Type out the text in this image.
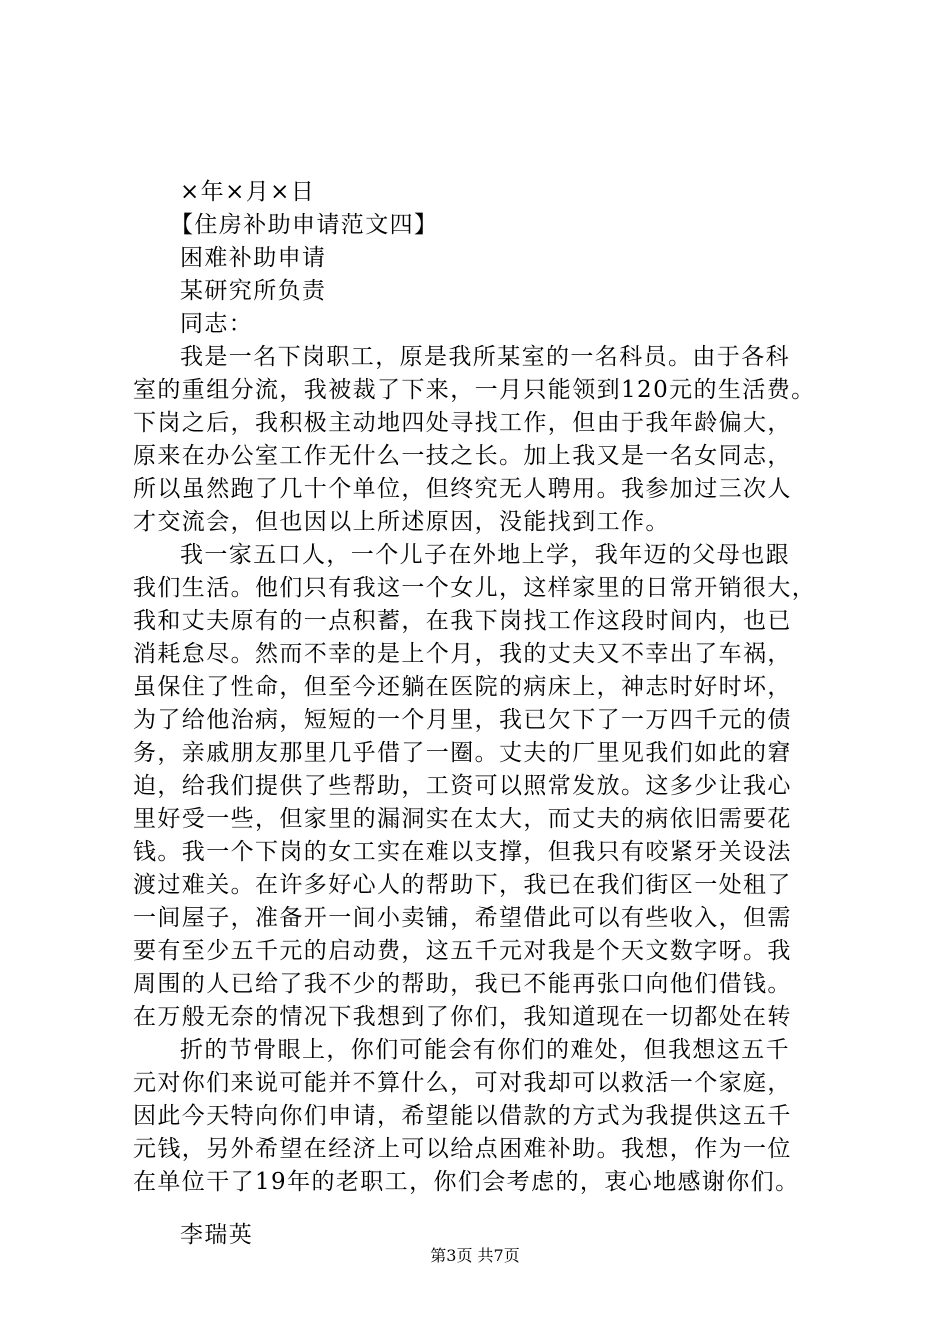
×年×月×日
【住房补助申请范文四】
困难补助申请
某研究所负责
同志：
我是一名下岗职工，原是我所某室的一名科员。由于各科
室的重组分流，我被裁了下来，一月只能领到120元的生活费。
下岗之后，我积极主动地四处寻找工作，但由于我年龄偏大，
原来在办公室工作无什么一技之长。加上我又是一名女同志，
所以虽然跑了几十个单位，但终究无人聘用。我参加过三次人
才交流会，但也因以上所述原因，没能找到工作。
我一家五口人，一个儿子在外地上学，我年迈的父母也跟
我们生活。他们只有我这一个女儿，这样家里的日常开销很大，
我和丈夫原有的一点积蓄，在我下岗找工作这段时间内，也已
消耗怠尽。然而不幸的是上个月，我的丈夫又不幸出了车祸，
虽保住了性命，但至今还躺在医院的病床上，神志时好时坏，
为了给他治病，短短的一个月里，我已欠下了一万四千元的债
务，亲戚朋友那里几乎借了一圈。丈夫的厂里见我们如此的窘
迫，给我们提供了些帮助，工资可以照常发放。这多少让我心
里好受一些，但家里的漏洞实在太大，而丈夫的病依旧需要花
钱。我一个下岗的女工实在难以支撑，但我只有咬紧牙关设法
渡过难关。在许多好心人的帮助下，我已在我们街区一处租了
一间屋子，准备开一间小卖铺，希望借此可以有些收入，但需
要有至少五千元的启动费，这五千元对我是个天文数字呀。我
周围的人已给了我不少的帮助，我已不能再张口向他们借钱。
在万般无奈的情况下我想到了你们，我知道现在一切都处在转
折的节骨眼上，你们可能会有你们的难处，但我想这五千
元对你们来说可能并不算什么，可对我却可以救活一个家庭，
因此今天特向你们申请，希望能以借款的方式为我提供这五千
元钱，另外希望在经济上可以给点困难补助。我想，作为一位
在单位干了19年的老职工，你们会考虑的，衷心地感谢你们。
李瑞英
第3页 共7页
